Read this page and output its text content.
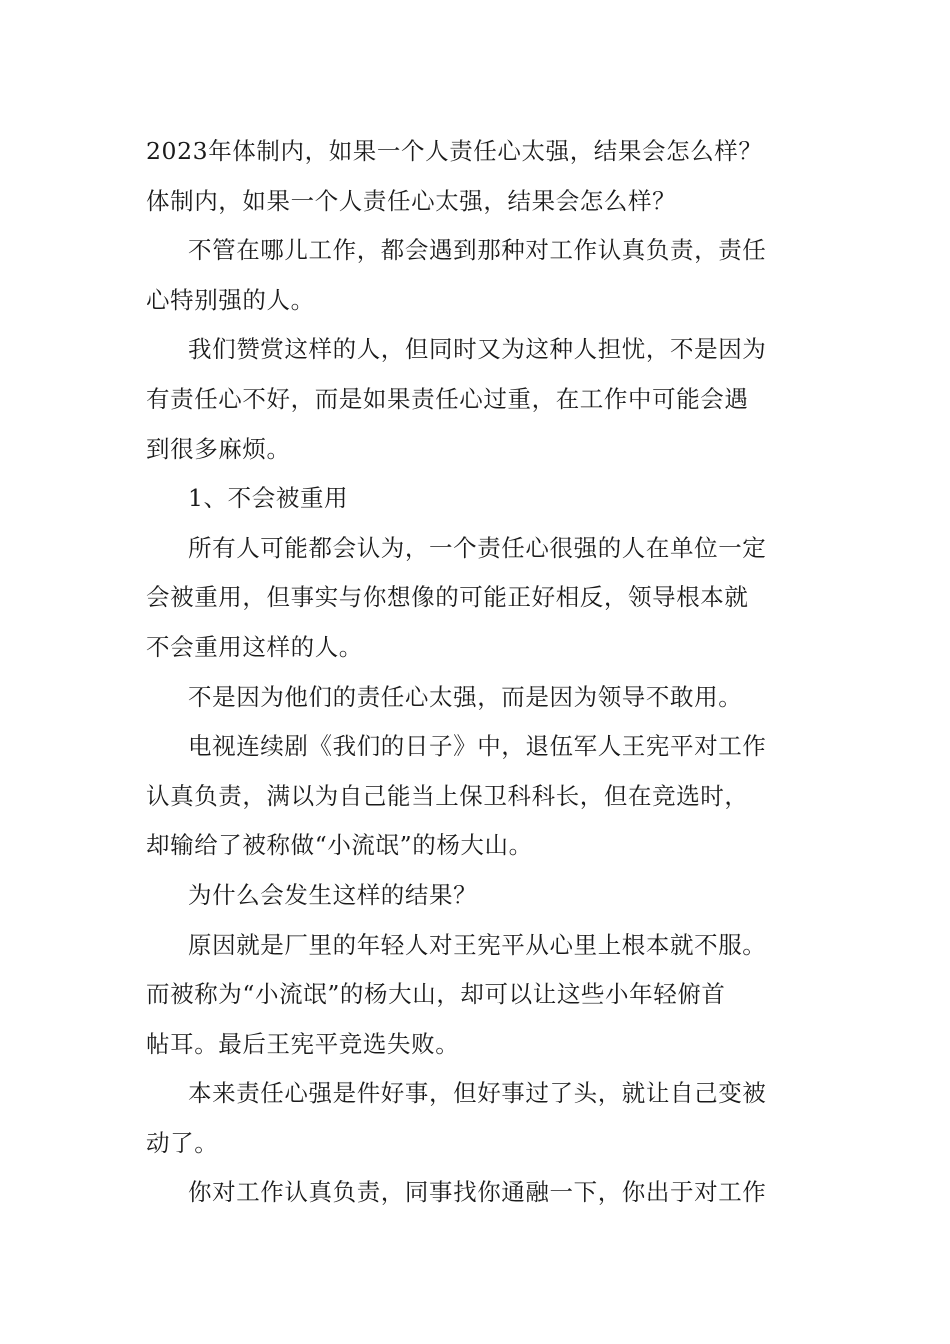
2023年体制内，如果一个人责任心太强，结果会怎么样？
体制内，如果一个人责任心太强，结果会怎么样？
不管在哪儿工作，都会遇到那种对工作认真负责，责任
心特别强的人。
我们赞赏这样的人，但同时又为这种人担忧，不是因为
有责任心不好，而是如果责任心过重，在工作中可能会遇
到很多麻烦。
1、不会被重用
所有人可能都会认为，一个责任心很强的人在单位一定
会被重用，但事实与你想像的可能正好相反，领导根本就
不会重用这样的人。
不是因为他们的责任心太强，而是因为领导不敢用。
电视连续剧《我们的日子》中，退伍军人王宪平对工作
认真负责，满以为自己能当上保卫科科长，但在竞选时，
却输给了被称做“小流氓”的杨大山。
为什么会发生这样的结果？
原因就是厂里的年轻人对王宪平从心里上根本就不服。
而被称为“小流氓”的杨大山，却可以让这些小年轻俯首
帖耳。最后王宪平竞选失败。
本来责任心强是件好事，但好事过了头，就让自己变被
动了。
你对工作认真负责，同事找你通融一下，你出于对工作
